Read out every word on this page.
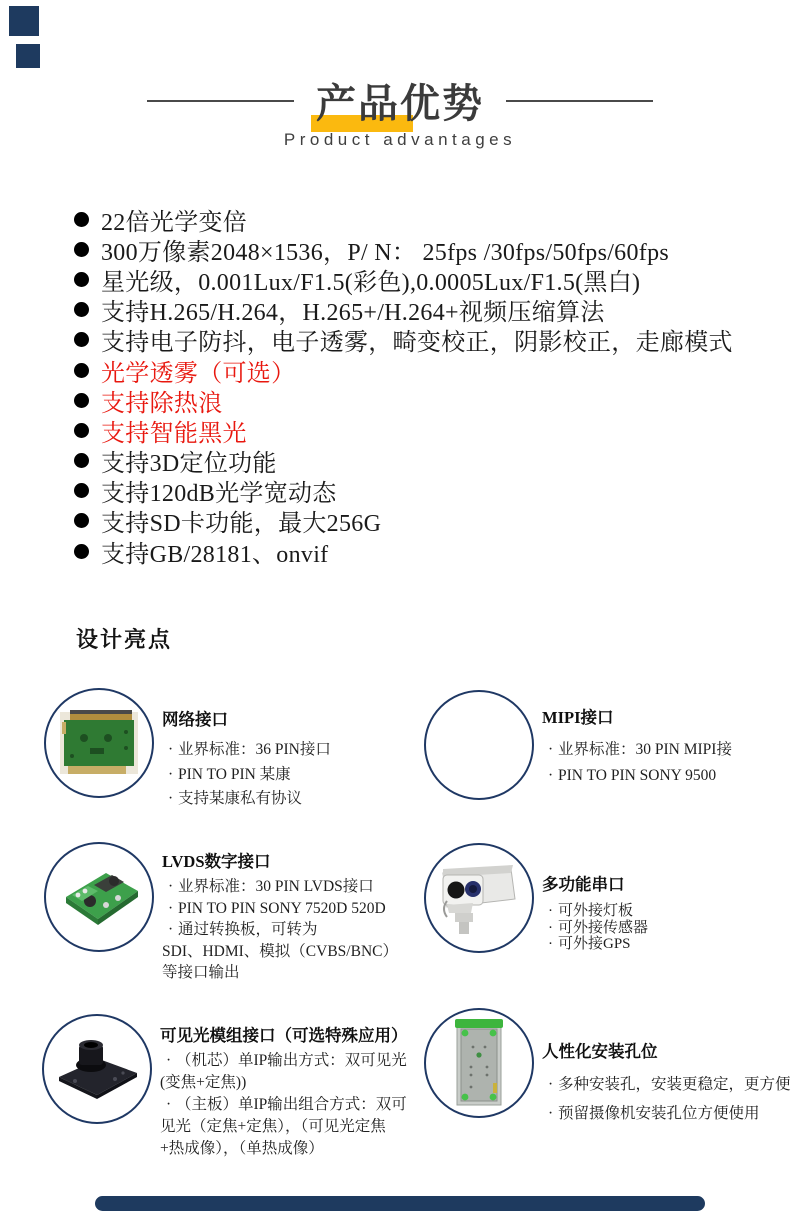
产品优势
Product advantages
22倍光学变倍
300万像素2048×1536，P/ N： 25fps /30fps/50fps/60fps
星光级，0.001Lux/F1.5(彩色),0.0005Lux/F1.5(黑白)
支持H.265/H.264，H.265+/H.264+视频压缩算法
支持电子防抖，电子透雾，畸变校正，阴影校正，走廊模式
光学透雾（可选）
支持除热浪
支持智能黑光
支持3D定位功能
支持120dB光学宽动态
支持SD卡功能，最大256G
支持GB/28181、onvif
设计亮点
网络接口
· 业界标准：36 PIN接口
· PIN TO PIN 某康
· 支持某康私有协议
MIPI接口
· 业界标准：30 PIN MIPI接
· PIN TO PIN SONY 9500
LVDS数字接口
· 业界标准：30 PIN LVDS接口
· PIN TO PIN SONY 7520D 520D
· 通过转换板，可转为
SDI、HDMI、模拟（CVBS/BNC）
等接口输出
多功能串口
· 可外接灯板
· 可外接传感器
· 可外接GPS
可见光模组接口（可选特殊应用）
· （机芯）单IP输出方式：双可见光
(变焦+定焦))
· （主板）单IP输出组合方式：双可
见光（定焦+定焦），（可见光定焦
+热成像），（单热成像）
人性化安装孔位
· 多种安装孔，安装更稳定，更方便
· 预留摄像机安装孔位方便使用
